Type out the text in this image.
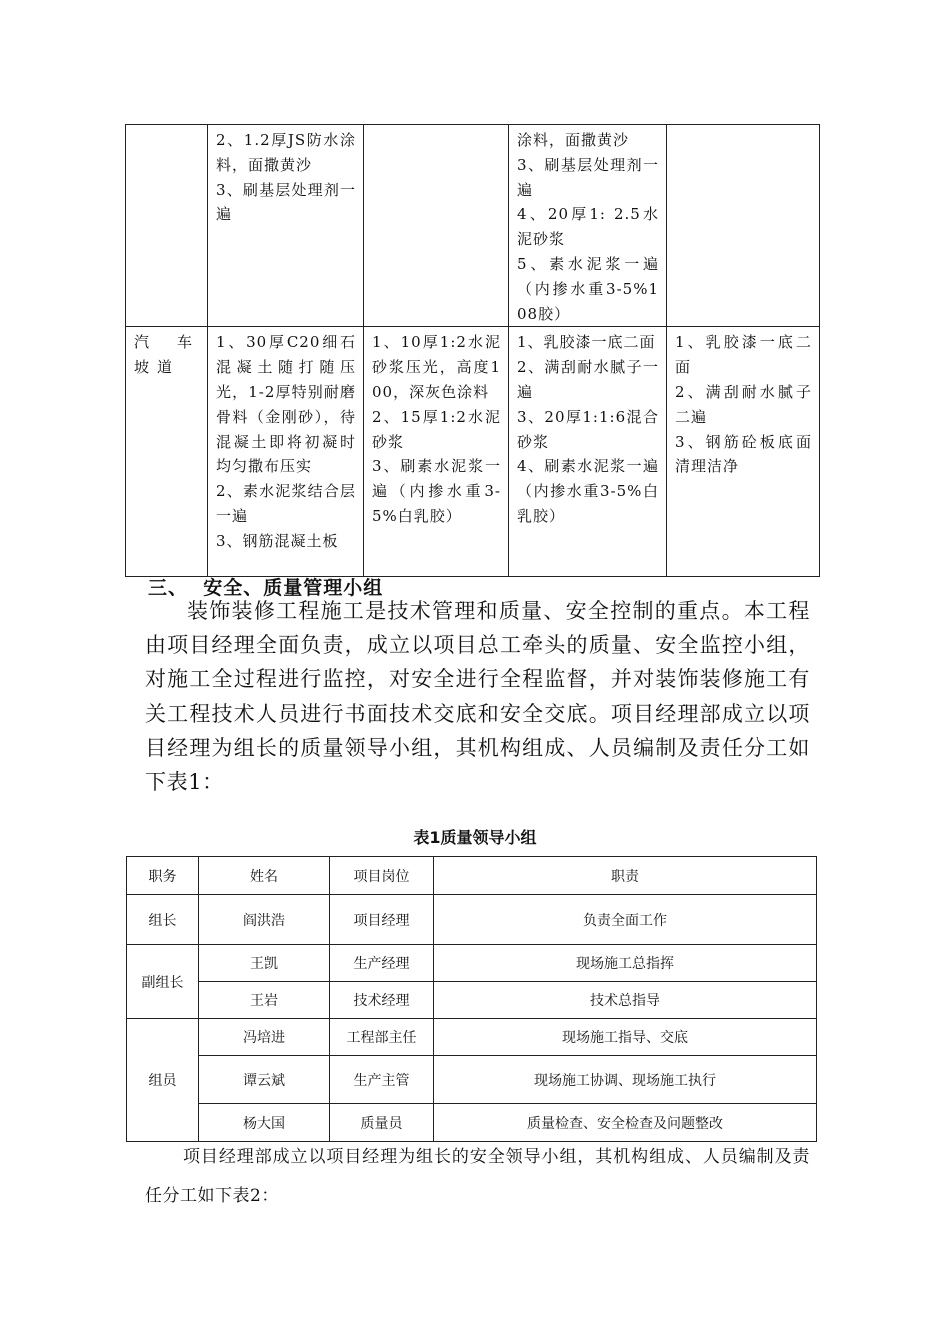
	2、1.2厚JS防水涂料，面撒黄沙
3、刷基层处理剂一遍		涂料，面撒黄沙
3、刷基层处理剂一遍
4、20厚1: 2.5水泥砂浆
5、素水泥浆一遍（内掺水重3-5%108胶）	
汽车坡道	1、30厚C20细石混凝土随打随压光，1-2厚特别耐磨骨料（金刚砂），待混凝土即将初凝时均匀撒布压实
2、素水泥浆结合层一遍
3、钢筋混凝土板	1、10厚1:2水泥砂浆压光，高度100，深灰色涂料
2、15厚1:2水泥砂浆
3、刷素水泥浆一遍（内掺水重3-5%白乳胶）	1、乳胶漆一底二面
2、满刮耐水腻子一遍
3、20厚1:1:6混合砂浆
4、刷素水泥浆一遍（内掺水重3-5%白乳胶）	1、乳胶漆一底二面
2、满刮耐水腻子二遍
3、钢筋砼板底面清理洁净
三、  安全、质量管理小组
装饰装修工程施工是技术管理和质量、安全控制的重点。本工程由项目经理全面负责，成立以项目总工牵头的质量、安全监控小组，对施工全过程进行监控，对安全进行全程监督，并对装饰装修施工有关工程技术人员进行书面技术交底和安全交底。项目经理部成立以项目经理为组长的质量领导小组，其机构组成、人员编制及责任分工如下表1：
表1质量领导小组
职务	姓名	项目岗位	职责
组长	阎洪浩	项目经理	负责全面工作
副组长	王凯	生产经理	现场施工总指挥
	王岩	技术经理	技术总指导
组员	冯培进	工程部主任	现场施工指导、交底
	谭云斌	生产主管	现场施工协调、现场施工执行
	杨大国	质量员	质量检查、安全检查及问题整改
项目经理部成立以项目经理为组长的安全领导小组，其机构组成、人员编制及责任分工如下表2：
